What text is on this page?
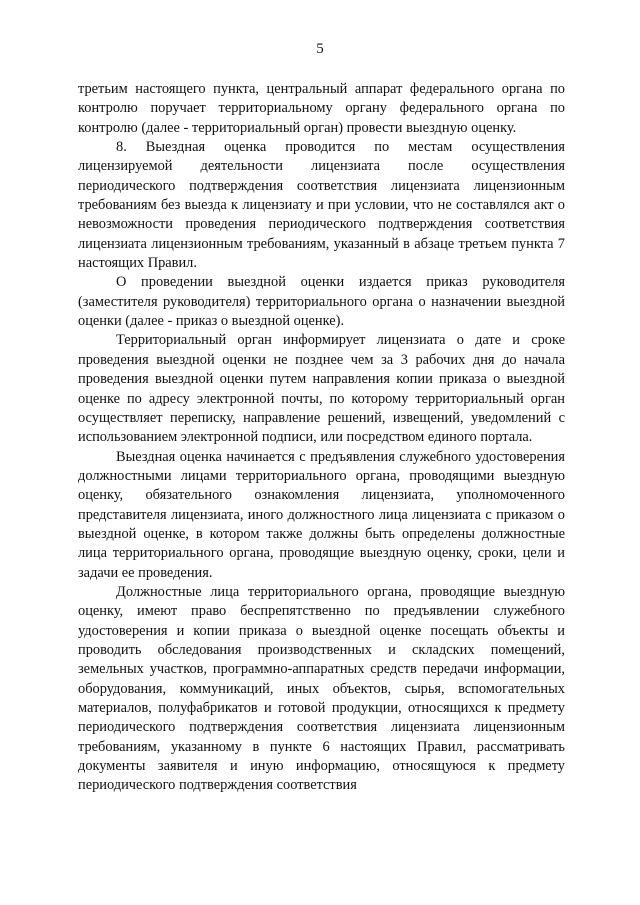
5

третьим настоящего пункта, центральный аппарат федерального органа по контролю поручает территориальному органу федерального органа по контролю (далее - территориальный орган) провести выездную оценку.

8. Выездная оценка проводится по местам осуществления лицензируемой деятельности лицензиата после осуществления периодического подтверждения соответствия лицензиата лицензионным требованиям без выезда к лицензиату и при условии, что не составлялся акт о невозможности проведения периодического подтверждения соответствия лицензиата лицензионным требованиям, указанный в абзаце третьем пункта 7 настоящих Правил.

О проведении выездной оценки издается приказ руководителя (заместителя руководителя) территориального органа о назначении выездной оценки (далее - приказ о выездной оценке).

Территориальный орган информирует лицензиата о дате и сроке проведения выездной оценки не позднее чем за 3 рабочих дня до начала проведения выездной оценки путем направления копии приказа о выездной оценке по адресу электронной почты, по которому территориальный орган осуществляет переписку, направление решений, извещений, уведомлений с использованием электронной подписи, или посредством единого портала.

Выездная оценка начинается с предъявления служебного удостоверения должностными лицами территориального органа, проводящими выездную оценку, обязательного ознакомления лицензиата, уполномоченного представителя лицензиата, иного должностного лица лицензиата с приказом о выездной оценке, в котором также должны быть определены должностные лица территориального органа, проводящие выездную оценку, сроки, цели и задачи ее проведения.

Должностные лица территориального органа, проводящие выездную оценку, имеют право беспрепятственно по предъявлении служебного удостоверения и копии приказа о выездной оценке посещать объекты и проводить обследования производственных и складских помещений, земельных участков, программно-аппаратных средств передачи информации, оборудования, коммуникаций, иных объектов, сырья, вспомогательных материалов, полуфабрикатов и готовой продукции, относящихся к предмету периодического подтверждения соответствия лицензиата лицензионным требованиям, указанному в пункте 6 настоящих Правил, рассматривать документы заявителя и иную информацию, относящуюся к предмету периодического подтверждения соответствия
